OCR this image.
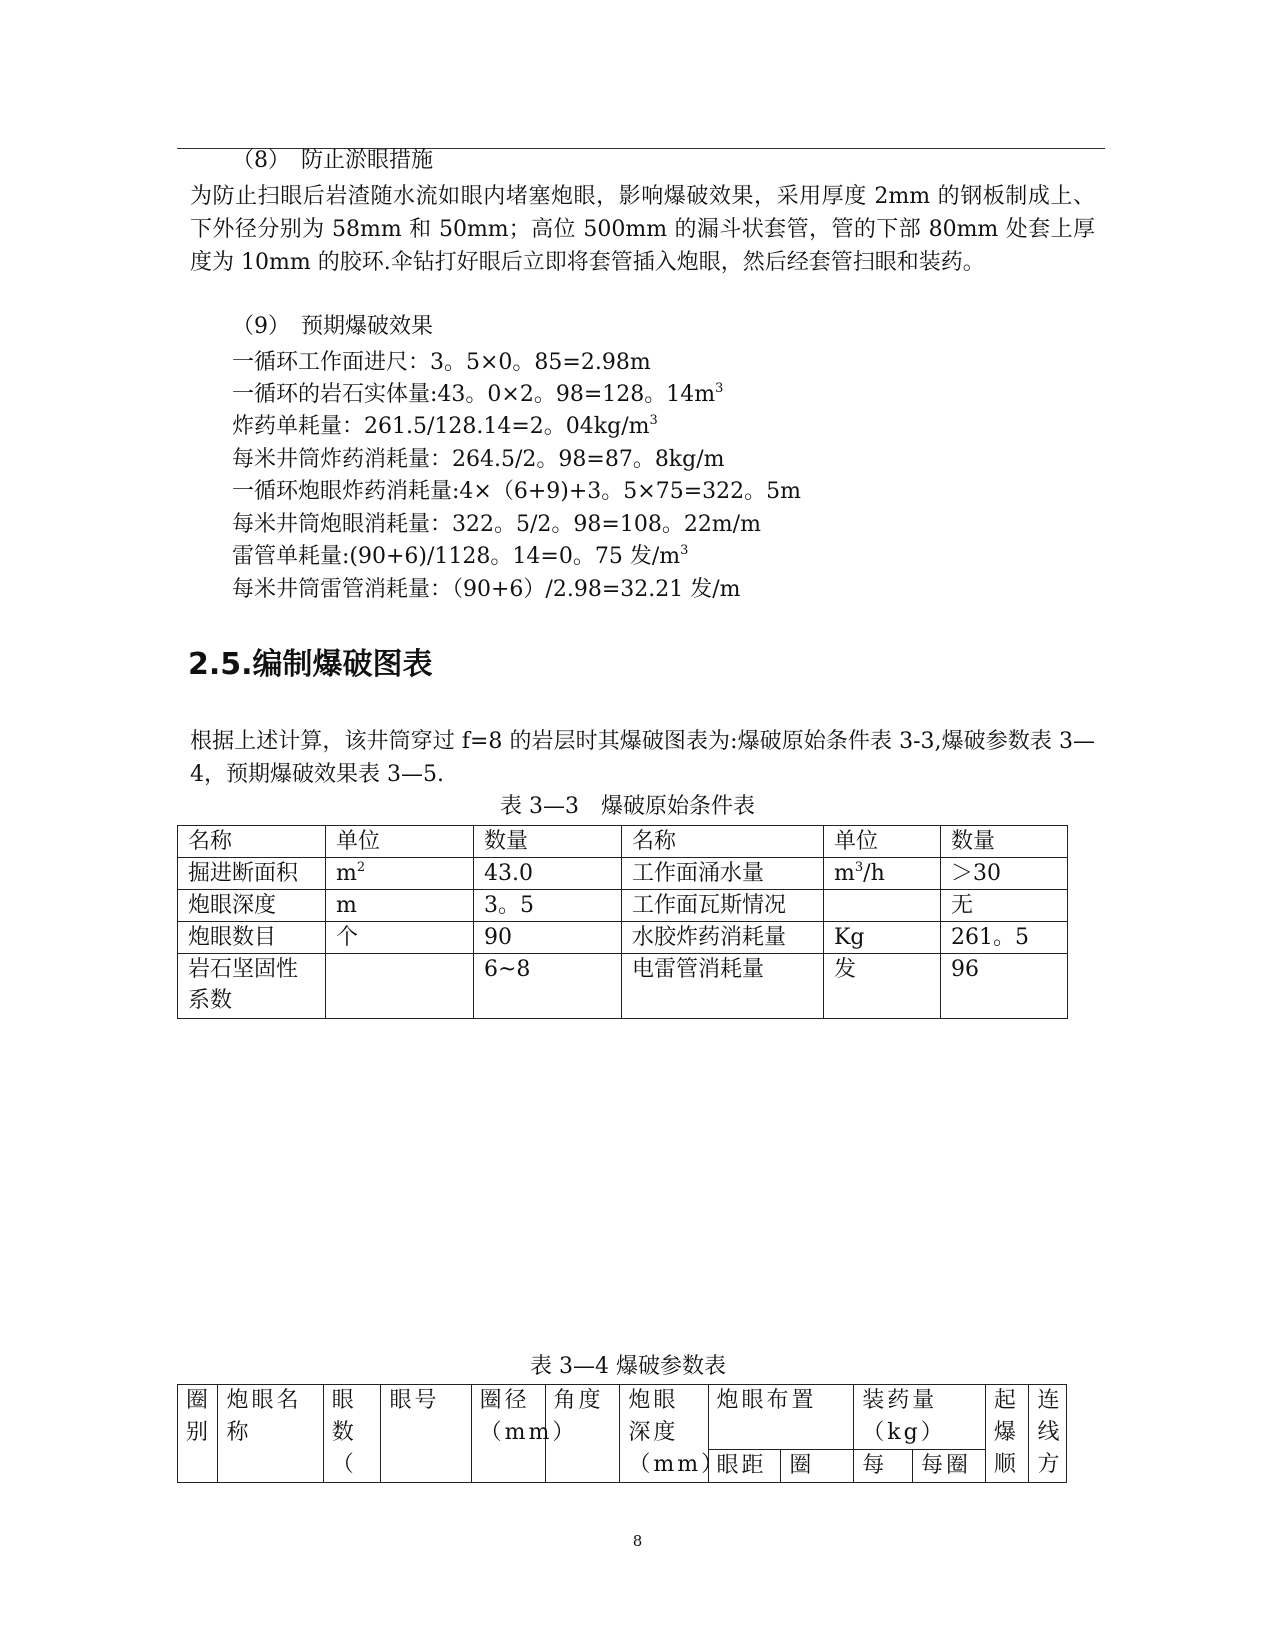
（8）　防止淤眼措施
为防止扫眼后岩渣随水流如眼内堵塞炮眼，影响爆破效果，采用厚度 2mm 的钢板制成上、下外径分别为 58mm 和 50mm；高位 500mm 的漏斗状套管，管的下部 80mm 处套上厚度为 10mm 的胶环.伞钻打好眼后立即将套管插入炮眼，然后经套管扫眼和装药。
（9）　预期爆破效果
一循环工作面进尺：3。5×0。85=2.98m
一循环的岩石实体量:43。0×2。98=128。$14m^3$
炸药单耗量：261.5/128.14=2。$04kg/m^3$
每米井筒炸药消耗量：264.5/2。98=87。8kg/m
一循环炮眼炸药消耗量:4×（6+9)+3。5×75=322。5m
每米井筒炮眼消耗量：322。5/2。98=108。22m/m
雷管单耗量:(90+6)/1128。14=0。75 发$/m^3$
每米井筒雷管消耗量：（90+6）/2.98=32.21 发/m
2.5.编制爆破图表
根据上述计算，该井筒穿过 f=8 的岩层时其爆破图表为:爆破原始条件表 3-3,爆破参数表 3—4，预期爆破效果表 3—5.
表 3—3　爆破原始条件表
名称	单位	数量	名称	单位	数量
掘进断面积	$m^2$	43.0	工作面涌水量	$m^3/h$	＞30
炮眼深度	m	3。5	工作面瓦斯情况		无
炮眼数目	个	90	水胶炸药消耗量	Kg	261。5
岩石坚固性系数		6~8	电雷管消耗量	发	96
表 3—4 爆破参数表
圈别	炮眼名称	眼数（	眼号	圈径（mm）	角度	炮眼深度（mm）	炮眼布置		装药量（kg）		起爆顺	连线方
							眼距	圈	每	每圈		
8
